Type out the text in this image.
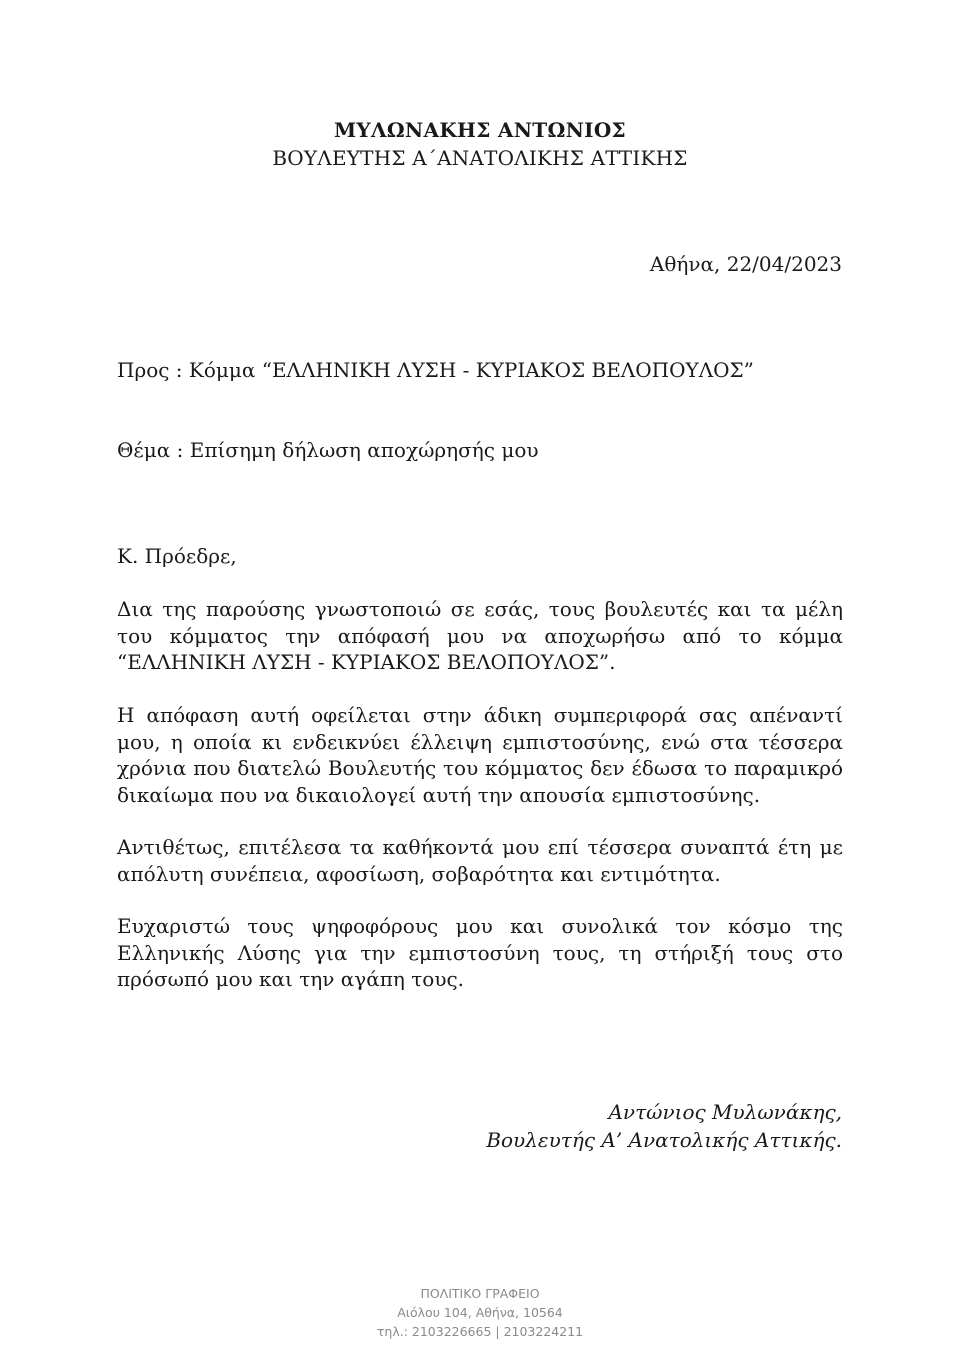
ΜΥΛΩΝΑΚΗΣ ΑΝΤΩΝΙΟΣ
ΒΟΥΛΕΥΤΗΣ Α΄ΑΝΑΤΟΛΙΚΗΣ ΑΤΤΙΚΗΣ
Αθήνα, 22/04/2023
Προς : Κόμμα “ΕΛΛΗΝΙΚΗ ΛΥΣΗ - ΚΥΡΙΑΚΟΣ ΒΕΛΟΠΟΥΛΟΣ”
Θέμα : Επίσημη δήλωση αποχώρησής μου
Κ. Πρόεδρε,
Δια της παρούσης γνωστοποιώ σε εσάς, τους βουλευτές και τα μέλη του κόμματος την απόφασή μου να αποχωρήσω από το κόμμα “ΕΛΛΗΝΙΚΗ ΛΥΣΗ - ΚΥΡΙΑΚΟΣ ΒΕΛΟΠΟΥΛΟΣ”.
Η απόφαση αυτή οφείλεται στην άδικη συμπεριφορά σας απέναντί μου, η οποία κι ενδεικνύει έλλειψη εμπιστοσύνης, ενώ στα τέσσερα χρόνια που διατελώ Βουλευτής του κόμματος δεν έδωσα το παραμικρό δικαίωμα που να δικαιολογεί αυτή την απουσία εμπιστοσύνης.
Αντιθέτως, επιτέλεσα τα καθήκοντά μου επί τέσσερα συναπτά έτη με απόλυτη συνέπεια, αφοσίωση, σοβαρότητα και εντιμότητα.
Ευχαριστώ τους ψηφοφόρους μου και συνολικά τον κόσμο της Ελληνικής Λύσης για την εμπιστοσύνη τους, τη στήριξή τους στο πρόσωπό μου και την αγάπη τους.
Αντώνιος Μυλωνάκης,
Βουλευτής Α’ Ανατολικής Αττικής.
ΠΟΛΙΤΙΚΟ ΓΡΑΦΕΙΟ
Αιόλου 104, Αθήνα, 10564
τηλ.: 2103226665 | 2103224211
